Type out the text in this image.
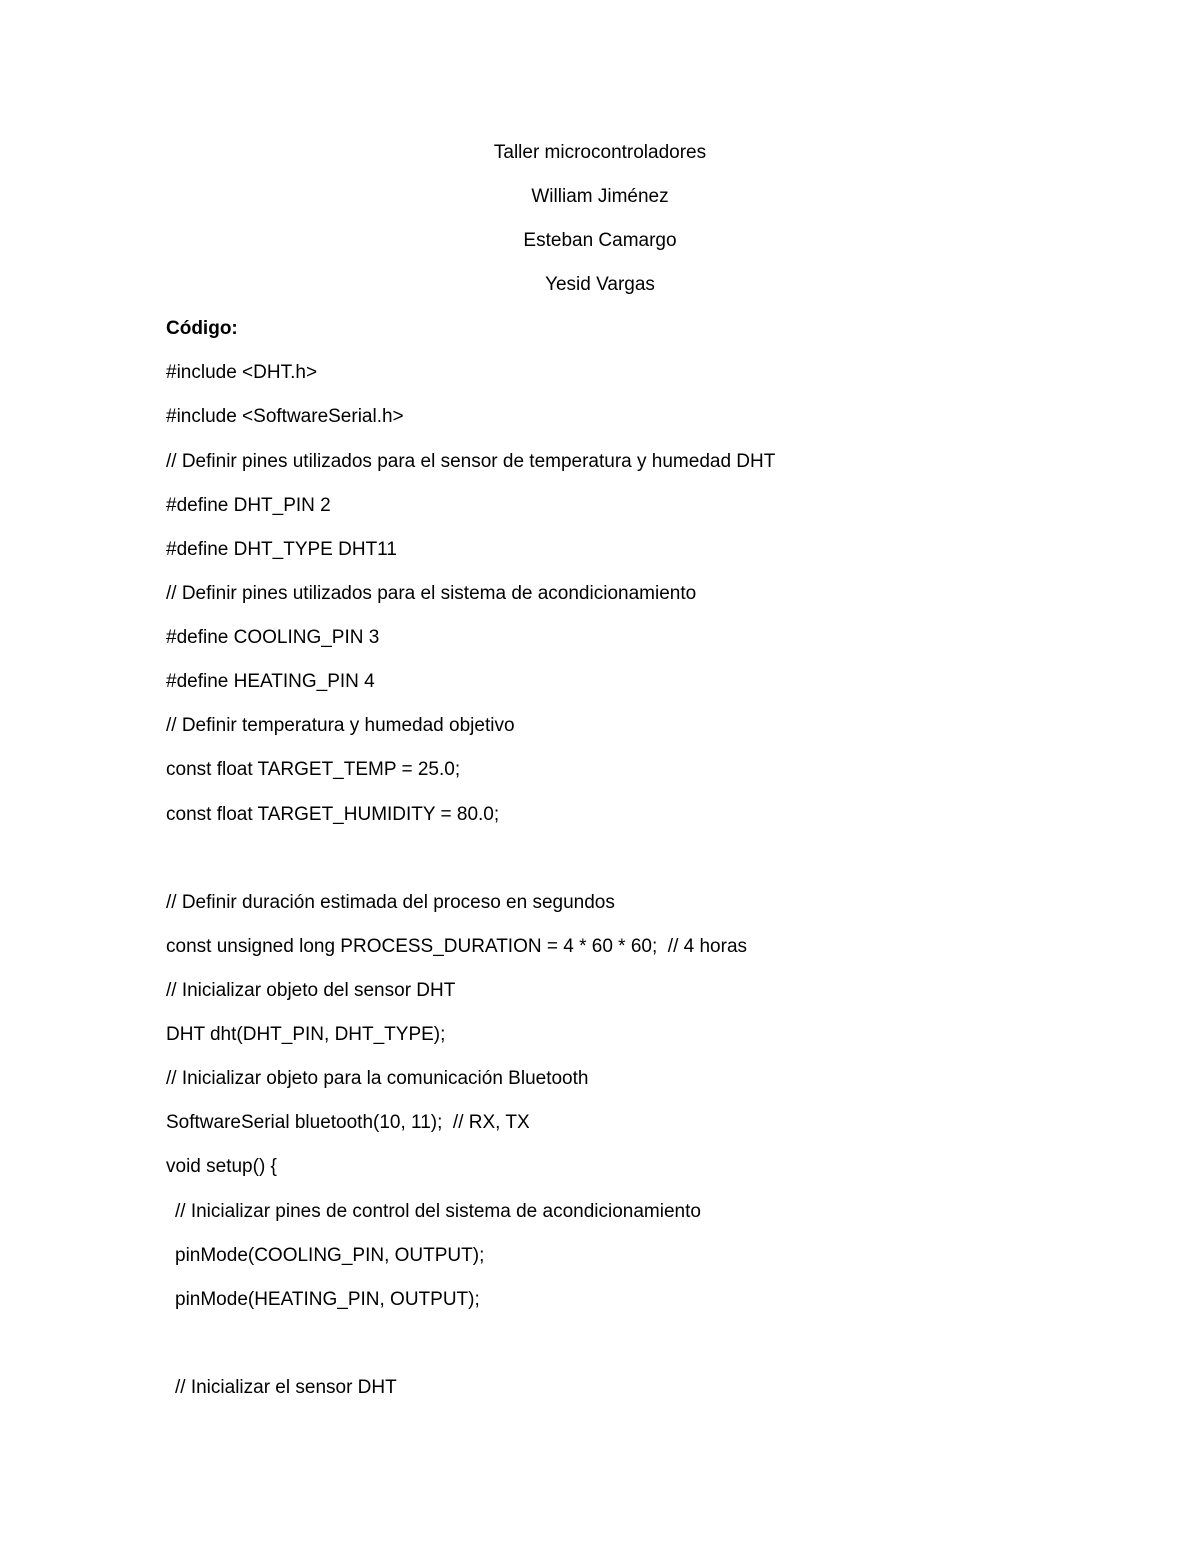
Taller microcontroladores
William Jiménez
Esteban Camargo
Yesid Vargas
Código:
#include <DHT.h>
#include <SoftwareSerial.h>
// Definir pines utilizados para el sensor de temperatura y humedad DHT
#define DHT_PIN 2
#define DHT_TYPE DHT11
// Definir pines utilizados para el sistema de acondicionamiento
#define COOLING_PIN 3
#define HEATING_PIN 4
// Definir temperatura y humedad objetivo
const float TARGET_TEMP = 25.0;
const float TARGET_HUMIDITY = 80.0;
// Definir duración estimada del proceso en segundos
const unsigned long PROCESS_DURATION = 4 * 60 * 60;  // 4 horas
// Inicializar objeto del sensor DHT
DHT dht(DHT_PIN, DHT_TYPE);
// Inicializar objeto para la comunicación Bluetooth
SoftwareSerial bluetooth(10, 11);  // RX, TX
void setup() {
// Inicializar pines de control del sistema de acondicionamiento
pinMode(COOLING_PIN, OUTPUT);
pinMode(HEATING_PIN, OUTPUT);
// Inicializar el sensor DHT
